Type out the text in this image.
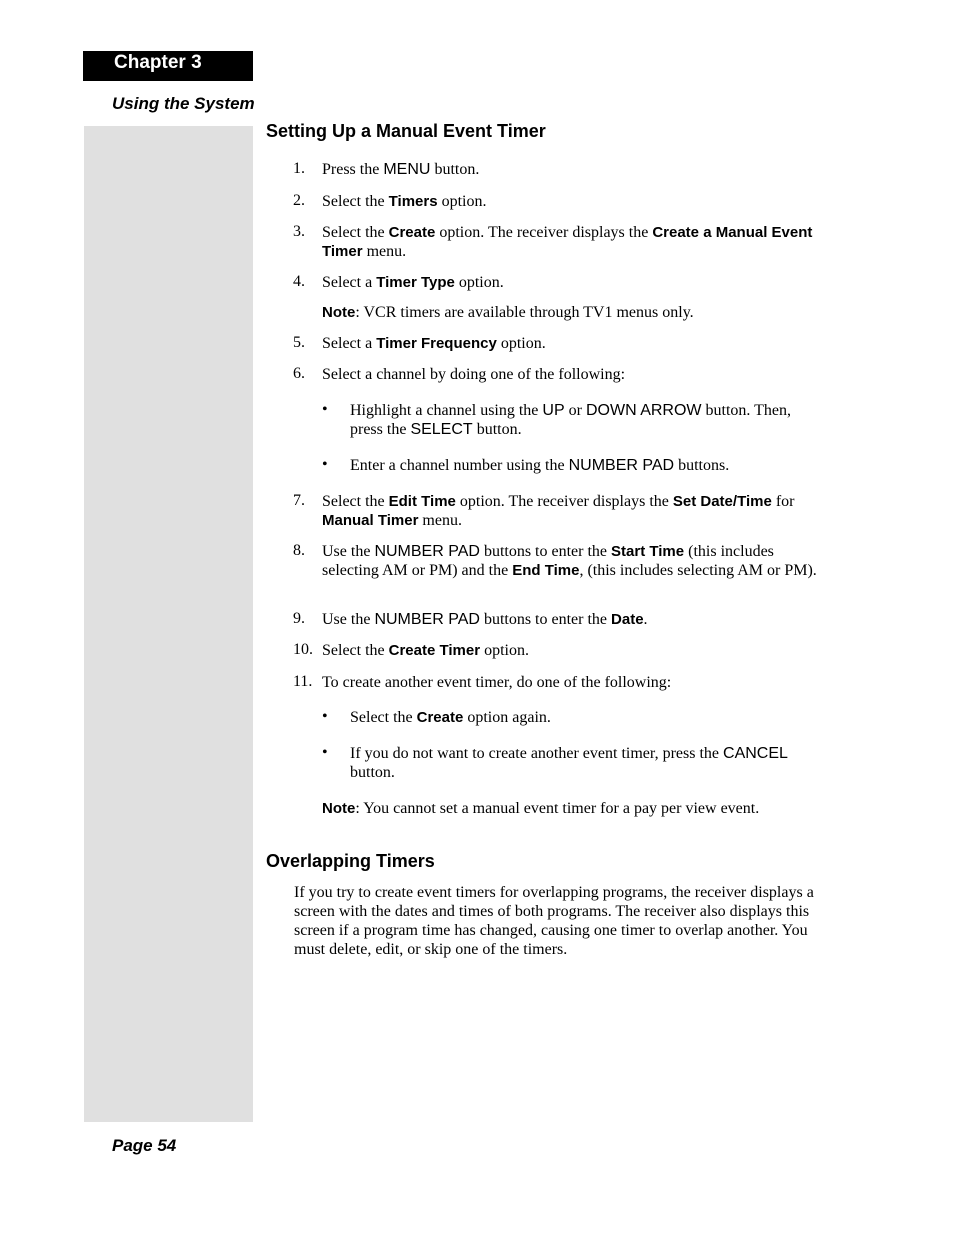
Chapter 3
Using the System
Setting Up a Manual Event Timer
1. Press the MENU button.
2. Select the Timers option.
3. Select the Create option. The receiver displays the Create a Manual Event Timer menu.
4. Select a Timer Type option.
Note: VCR timers are available through TV1 menus only.
5. Select a Timer Frequency option.
6. Select a channel by doing one of the following:
• Highlight a channel using the UP or DOWN ARROW button. Then, press the SELECT button.
• Enter a channel number using the NUMBER PAD buttons.
7. Select the Edit Time option. The receiver displays the Set Date/Time for Manual Timer menu.
8. Use the NUMBER PAD buttons to enter the Start Time (this includes selecting AM or PM) and the End Time, (this includes selecting AM or PM).
9. Use the NUMBER PAD buttons to enter the Date.
10. Select the Create Timer option.
11. To create another event timer, do one of the following:
• Select the Create option again.
• If you do not want to create another event timer, press the CANCEL button.
Note: You cannot set a manual event timer for a pay per view event.
Overlapping Timers
If you try to create event timers for overlapping programs, the receiver displays a screen with the dates and times of both programs. The receiver also displays this screen if a program time has changed, causing one timer to overlap another. You must delete, edit, or skip one of the timers.
Page 54
